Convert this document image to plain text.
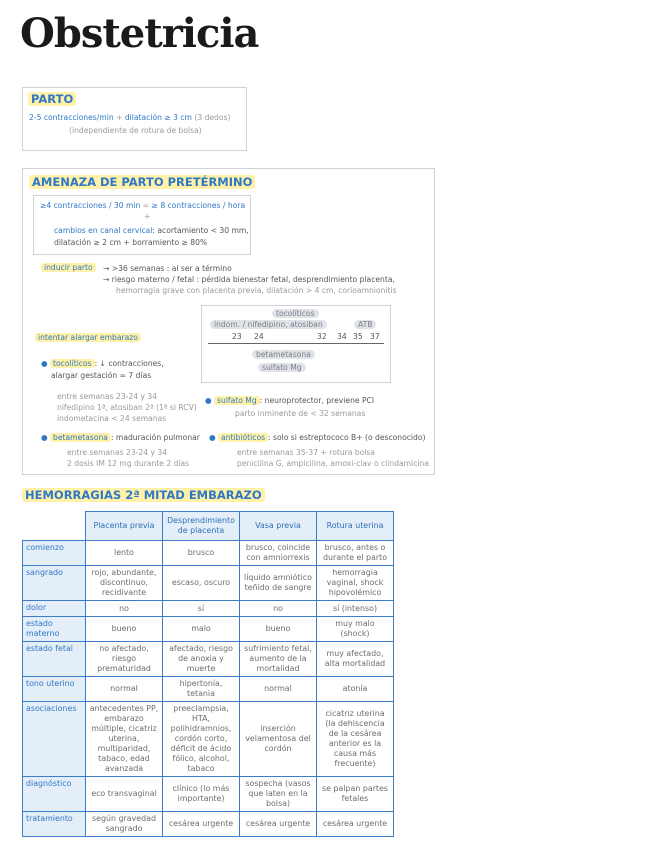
Obstetricia
PARTO
2-5 contracciones/min + dilatación ≥ 3 cm (3 dedos)
(independiente de rotura de bolsa)
AMENAZA DE PARTO PRETÉRMINO
≥4 contracciones / 30 min ≈ ≥ 8 contracciones / hora
+
cambios en canal cervical: acortamiento < 30 mm,
dilatación ≥ 2 cm + borramiento ≥ 80%
inducir parto	→ >36 semanas : al ser a término
→ riesgo materno / fetal : pérdida bienestar fetal, desprendimiento placenta,
hemorragia grave con placenta previa, dilatación > 4 cm, corioamnionitis
intentar alargar embarazo
tocolíticos
indom. / nifedipino, atosiban	ATB
23 24	32 34 35 37
betametasona
sulfato Mg
● tocolíticos : ↓ contracciones,
alargar gestación ≈ 7 días
entre semanas 23-24 y 34
nifedipino 1ª, atosiban 2ª (1ª si RCV)
indometacina < 24 semanas
● sulfato Mg : neuroprotector, previene PCI
parto inminente de < 32 semanas
● betametasona : maduración pulmonar
entre semanas 23-24 y 34
2 dosis IM 12 mg durante 2 días
● antibióticos : solo si estreptococo B+ (o desconocido)
entre semanas 35-37 + rotura bolsa
penicilina G, ampicilina, amoxi-clav o clindamicina
HEMORRAGIAS 2ª MITAD EMBARAZO
	Placenta previa	Desprendimiento de placenta	Vasa previa	Rotura uterina
comienzo	lento	brusco	brusco, coincide con amniorrexis	brusco, antes o durante el parto
sangrado	rojo, abundante, discontinuo, recidivante	escaso, oscuro	líquido amniótico teñido de sangre	hemorragia vaginal, shock hipovolémico
dolor	no	sí	no	sí (intenso)
estado materno	bueno	malo	bueno	muy malo (shock)
estado fetal	no afectado, riesgo prematuridad	afectado, riesgo de anoxia y muerte	sufrimiento fetal, aumento de la mortalidad	muy afectado, alta mortalidad
tono uterino	normal	hipertonía, tetania	normal	atonía
asociaciones	antecedentes PP, embarazo múltiple, cicatriz uterina, multiparidad, tabaco, edad avanzada	preeclampsia, HTA, polihidramnios, cordón corto, déficit de ácido fólico, alcohol, tabaco	inserción velamentosa del cordón	cicatriz uterina (la dehiscencia de la cesárea anterior es la causa más frecuente)
diagnóstico	eco transvaginal	clínico (lo más importante)	sospecha (vasos que laten en la bolsa)	se palpan partes fetales
tratamiento	según gravedad sangrado	cesárea urgente	cesárea urgente	cesárea urgente
